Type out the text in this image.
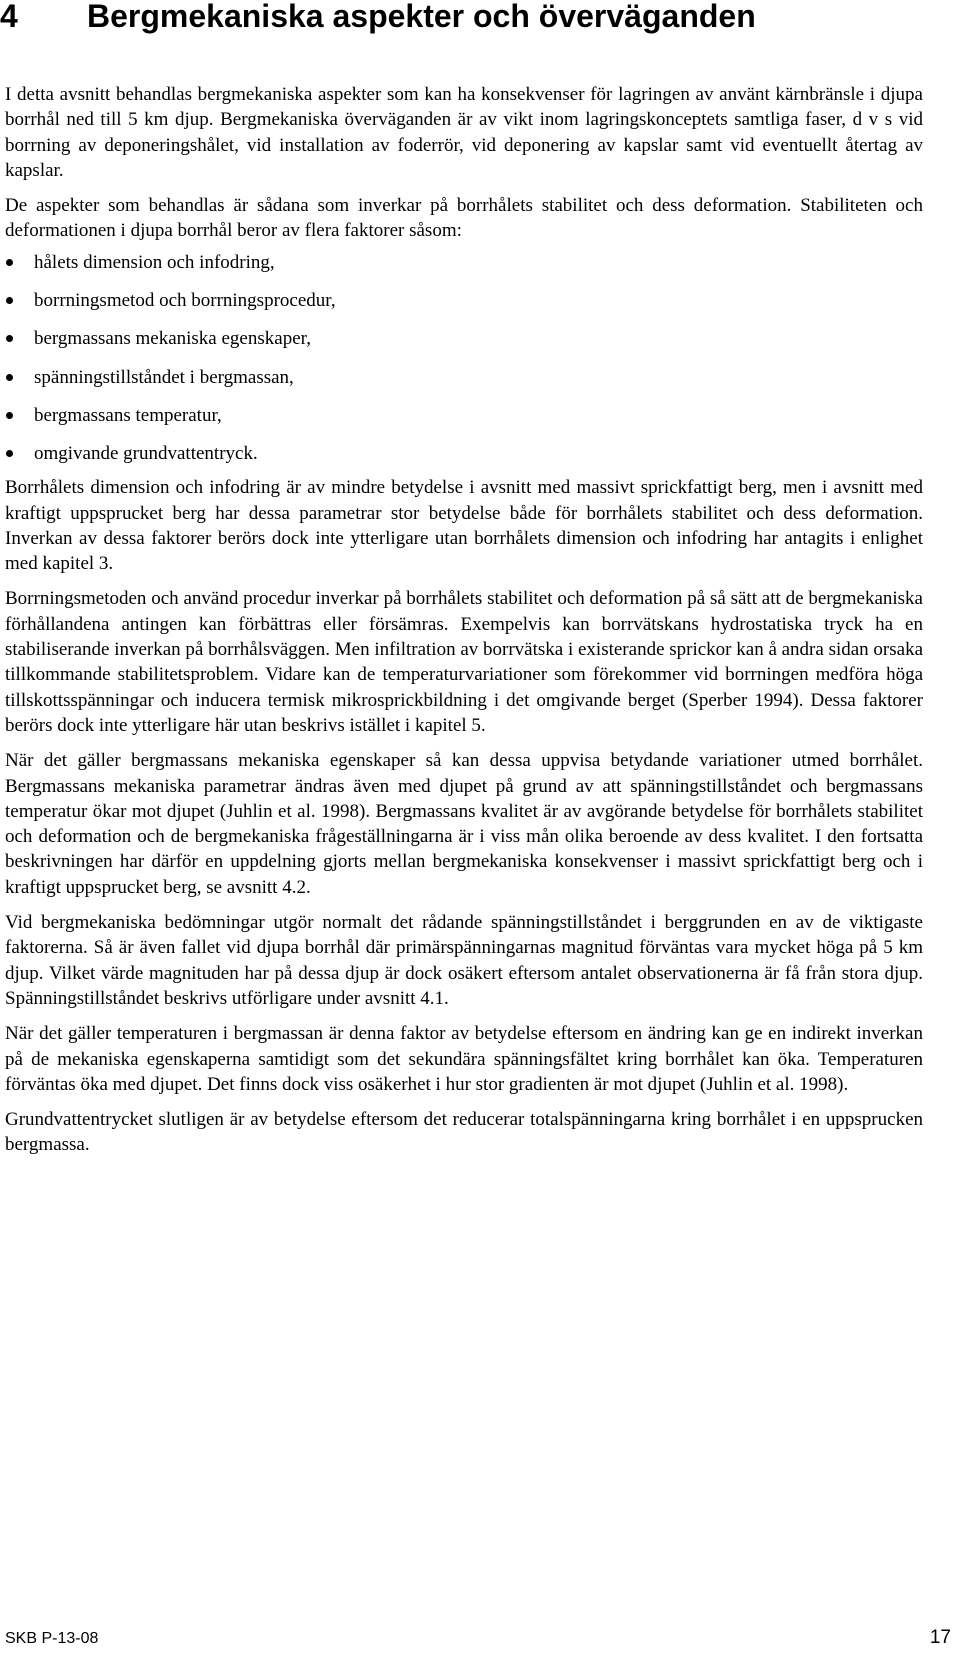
4 Bergmekaniska aspekter och överväganden

I detta avsnitt behandlas bergmekaniska aspekter som kan ha konsekvenser för lagringen av använt kärnbränsle i djupa borrhål ned till 5 km djup. Bergmekaniska överväganden är av vikt inom lagringskonceptets samtliga faser, d v s vid borrning av deponeringshålet, vid installation av foderrör, vid deponering av kapslar samt vid eventuellt återtag av kapslar.

De aspekter som behandlas är sådana som inverkar på borrhålets stabilitet och dess deformation. Stabiliteten och deformationen i djupa borrhål beror av flera faktorer såsom:

hålets dimension och infodring,
borrningsmetod och borrningsprocedur,
bergmassans mekaniska egenskaper,
spänningstillståndet i bergmassan,
bergmassans temperatur,
omgivande grundvattentryck.

Borrhålets dimension och infodring är av mindre betydelse i avsnitt med massivt sprickfattigt berg, men i avsnitt med kraftigt uppsprucket berg har dessa parametrar stor betydelse både för borrhålets stabilitet och dess deformation. Inverkan av dessa faktorer berörs dock inte ytterligare utan borrhålets dimension och infodring har antagits i enlighet med kapitel 3.

Borrningsmetoden och använd procedur inverkar på borrhålets stabilitet och deformation på så sätt att de bergmekaniska förhållandena antingen kan förbättras eller försämras. Exempelvis kan borrvätskans hydrostatiska tryck ha en stabiliserande inverkan på borrhålsväggen. Men infiltration av borrvätska i existerande sprickor kan å andra sidan orsaka tillkommande stabilitetsproblem. Vidare kan de temperaturvariationer som förekommer vid borrningen medföra höga tillskottsspänningar och inducera termisk mikrosprickbildning i det omgivande berget (Sperber 1994). Dessa faktorer berörs dock inte ytterligare här utan beskrivs istället i kapitel 5.

När det gäller bergmassans mekaniska egenskaper så kan dessa uppvisa betydande variationer utmed borrhålet. Bergmassans mekaniska parametrar ändras även med djupet på grund av att spänningstillståndet och bergmassans temperatur ökar mot djupet (Juhlin et al. 1998). Bergmassans kvalitet är av avgörande betydelse för borrhålets stabilitet och deformation och de bergmekaniska frågeställningarna är i viss mån olika beroende av dess kvalitet. I den fortsatta beskrivningen har därför en uppdelning gjorts mellan bergmekaniska konsekvenser i massivt sprickfattigt berg och i kraftigt uppsprucket berg, se avsnitt 4.2.

Vid bergmekaniska bedömningar utgör normalt det rådande spänningstillståndet i berggrunden en av de viktigaste faktorerna. Så är även fallet vid djupa borrhål där primärspänningarnas magnitud förväntas vara mycket höga på 5 km djup. Vilket värde magnituden har på dessa djup är dock osäkert eftersom antalet observationerna är få från stora djup. Spänningstillståndet beskrivs utförligare under avsnitt 4.1.

När det gäller temperaturen i bergmassan är denna faktor av betydelse eftersom en ändring kan ge en indirekt inverkan på de mekaniska egenskaperna samtidigt som det sekundära spänningsfältet kring borrhålet kan öka. Temperaturen förväntas öka med djupet. Det finns dock viss osäkerhet i hur stor gradienten är mot djupet (Juhlin et al. 1998).

Grundvattentrycket slutligen är av betydelse eftersom det reducerar totalspänningarna kring borrhålet i en uppsprucken bergmassa.

SKB P-13-08	17
